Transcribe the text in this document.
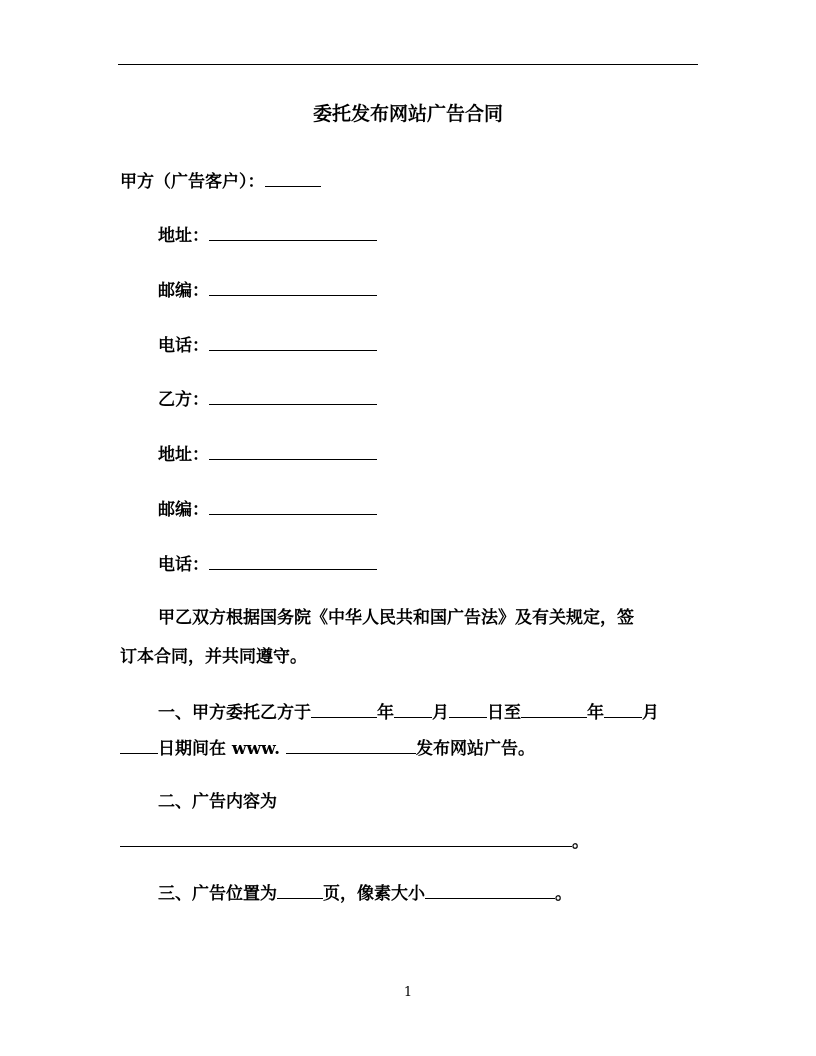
委托发布网站广告合同
甲方（广告客户）：
地址：
邮编：
电话：
乙方：
地址：
邮编：
电话：
甲乙双方根据国务院《中华人民共和国广告法》及有关规定，签
订本合同，并共同遵守。
一、甲方委托乙方于	年 月 日至	年 月
日期间在 www.	发布网站广告。
二、广告内容为
。
三、广告位置为	页，像素大小	。
1
